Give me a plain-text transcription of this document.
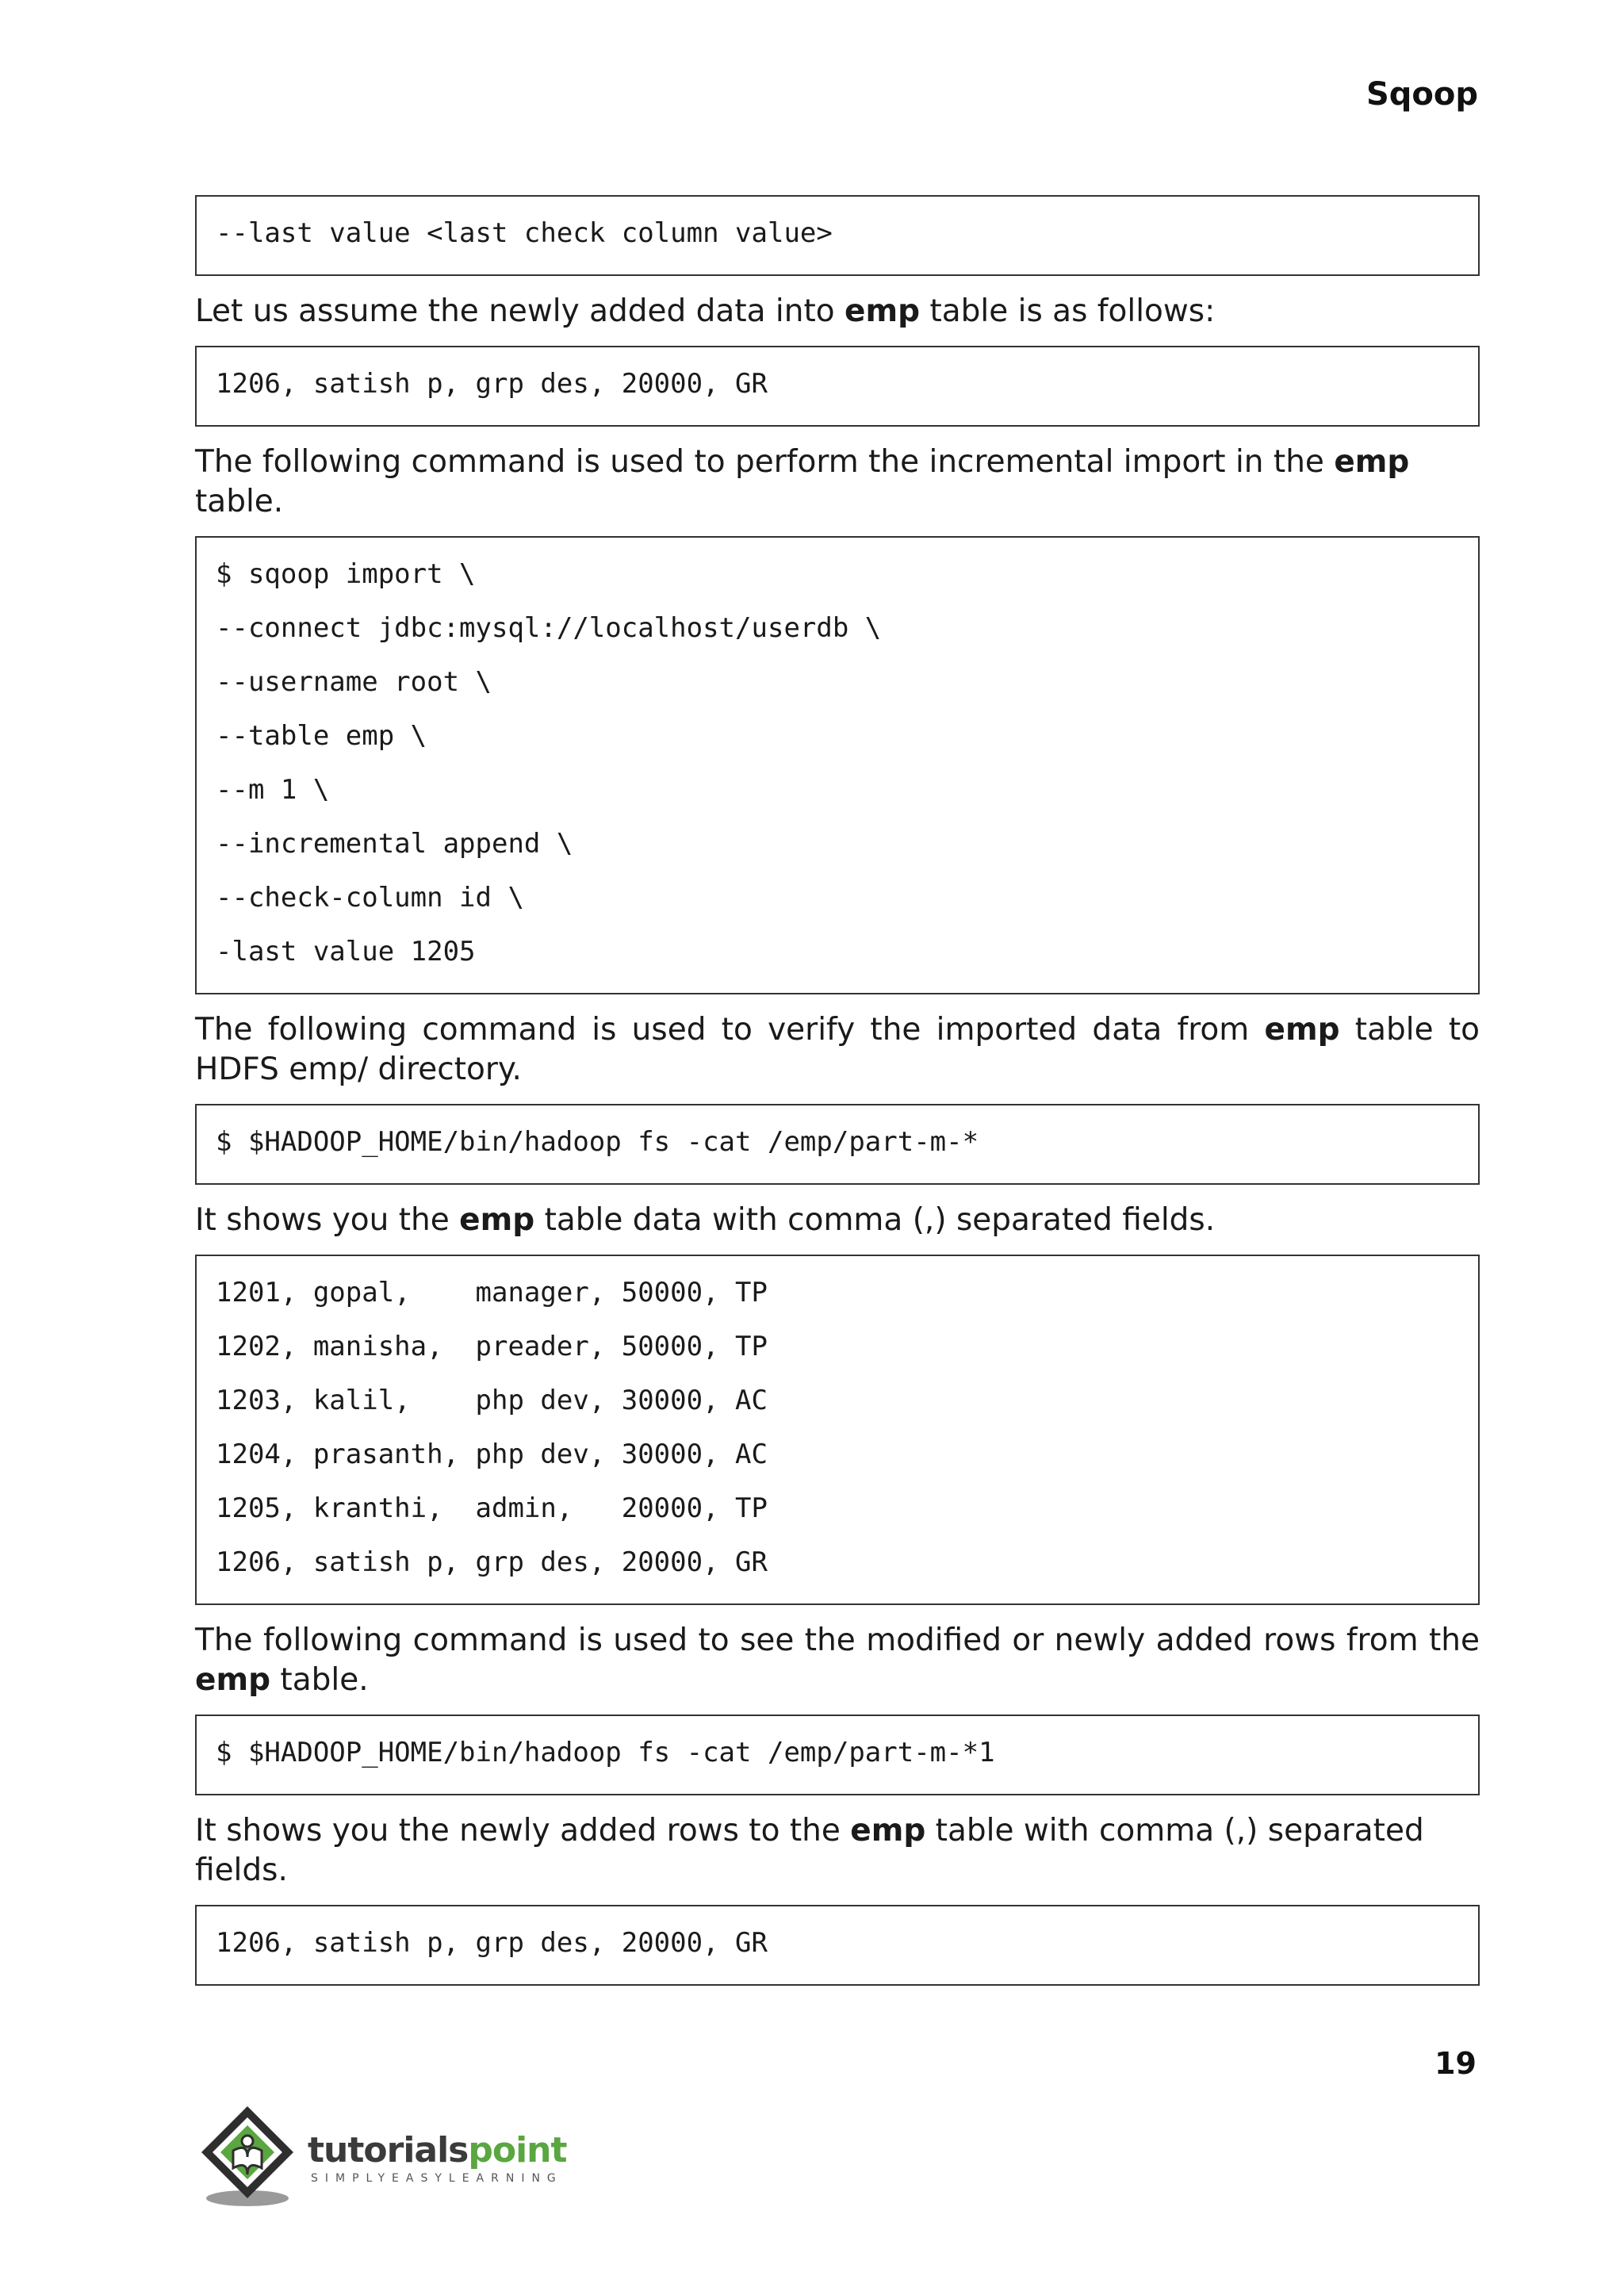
Sqoop
--last value <last check column value>
Let us assume the newly added data into emp table is as follows:
1206, satish p, grp des, 20000, GR
The following command is used to perform the incremental import in the emp table.
$ sqoop import \
--connect jdbc:mysql://localhost/userdb \
--username root \
--table emp \
--m 1 \
--incremental append \
--check-column id \
-last value 1205
The following command is used to verify the imported data from emp table to HDFS emp/ directory.
$ $HADOOP_HOME/bin/hadoop fs -cat /emp/part-m-*
It shows you the emp table data with comma (,) separated fields.
1201, gopal,    manager, 50000, TP
1202, manisha,  preader, 50000, TP
1203, kalil,    php dev, 30000, AC
1204, prasanth, php dev, 30000, AC
1205, kranthi,  admin,   20000, TP
1206, satish p, grp des, 20000, GR
The following command is used to see the modified or newly added rows from the emp table.
$ $HADOOP_HOME/bin/hadoop fs -cat /emp/part-m-*1
It shows you the newly added rows to the emp table with comma (,) separated fields.
1206, satish p, grp des, 20000, GR
19
tutorialspoint
SIMPLYEASYLEARNING
